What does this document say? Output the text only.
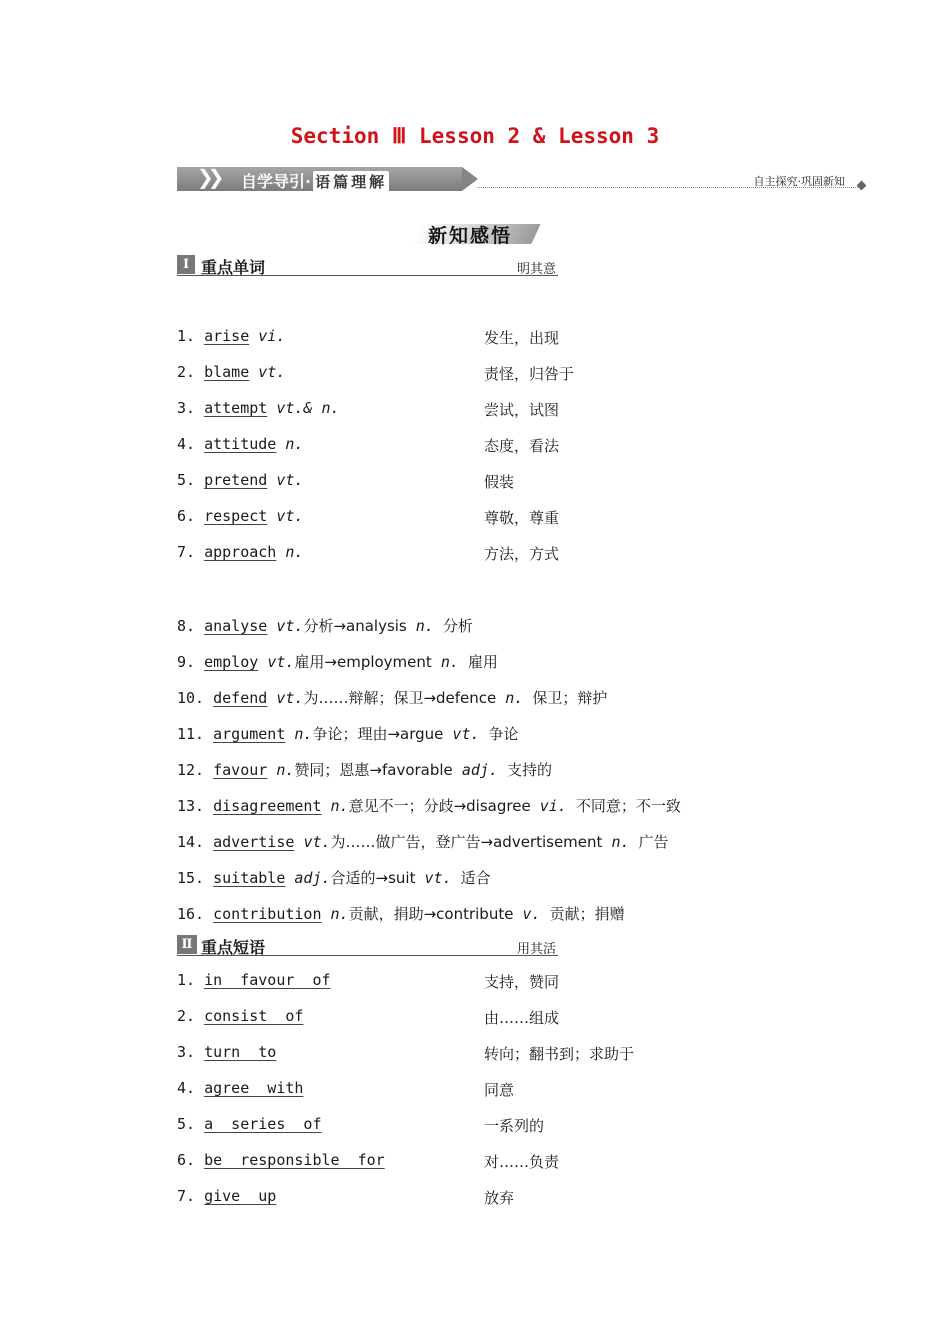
Section Ⅲ Lesson 2 & Lesson 3
❯❯ 自学导引· 语篇理解	自主探究·巩固新知
新知感悟
Ⅰ 重点单词	明其意
1. arise vi.	发生，出现
2. blame vt.	责怪，归咎于
3. attempt vt.& n.	尝试，试图
4. attitude n.	态度，看法
5. pretend vt.	假装
6. respect vt.	尊敬，尊重
7. approach n.	方法，方式
8. analyse vt.分析→analysis n. 分析
9. employ vt.雇用→employment n. 雇用
10. defend vt.为……辩解；保卫→defence n. 保卫；辩护
11. argument n.争论；理由→argue vt. 争论
12. favour n.赞同；恩惠→favorable adj. 支持的
13. disagreement n.意见不一；分歧→disagree vi. 不同意；不一致
14. advertise vt.为……做广告，登广告→advertisement n. 广告
15. suitable adj.合适的→suit vt. 适合
16. contribution n.贡献，捐助→contribute v. 贡献；捐赠
Ⅱ 重点短语	用其活
1. in  favour  of	支持，赞同
2. consist  of	由……组成
3. turn  to	转向；翻书到；求助于
4. agree  with	同意
5. a  series  of	一系列的
6. be  responsible  for	对……负责
7. give  up	放弃
